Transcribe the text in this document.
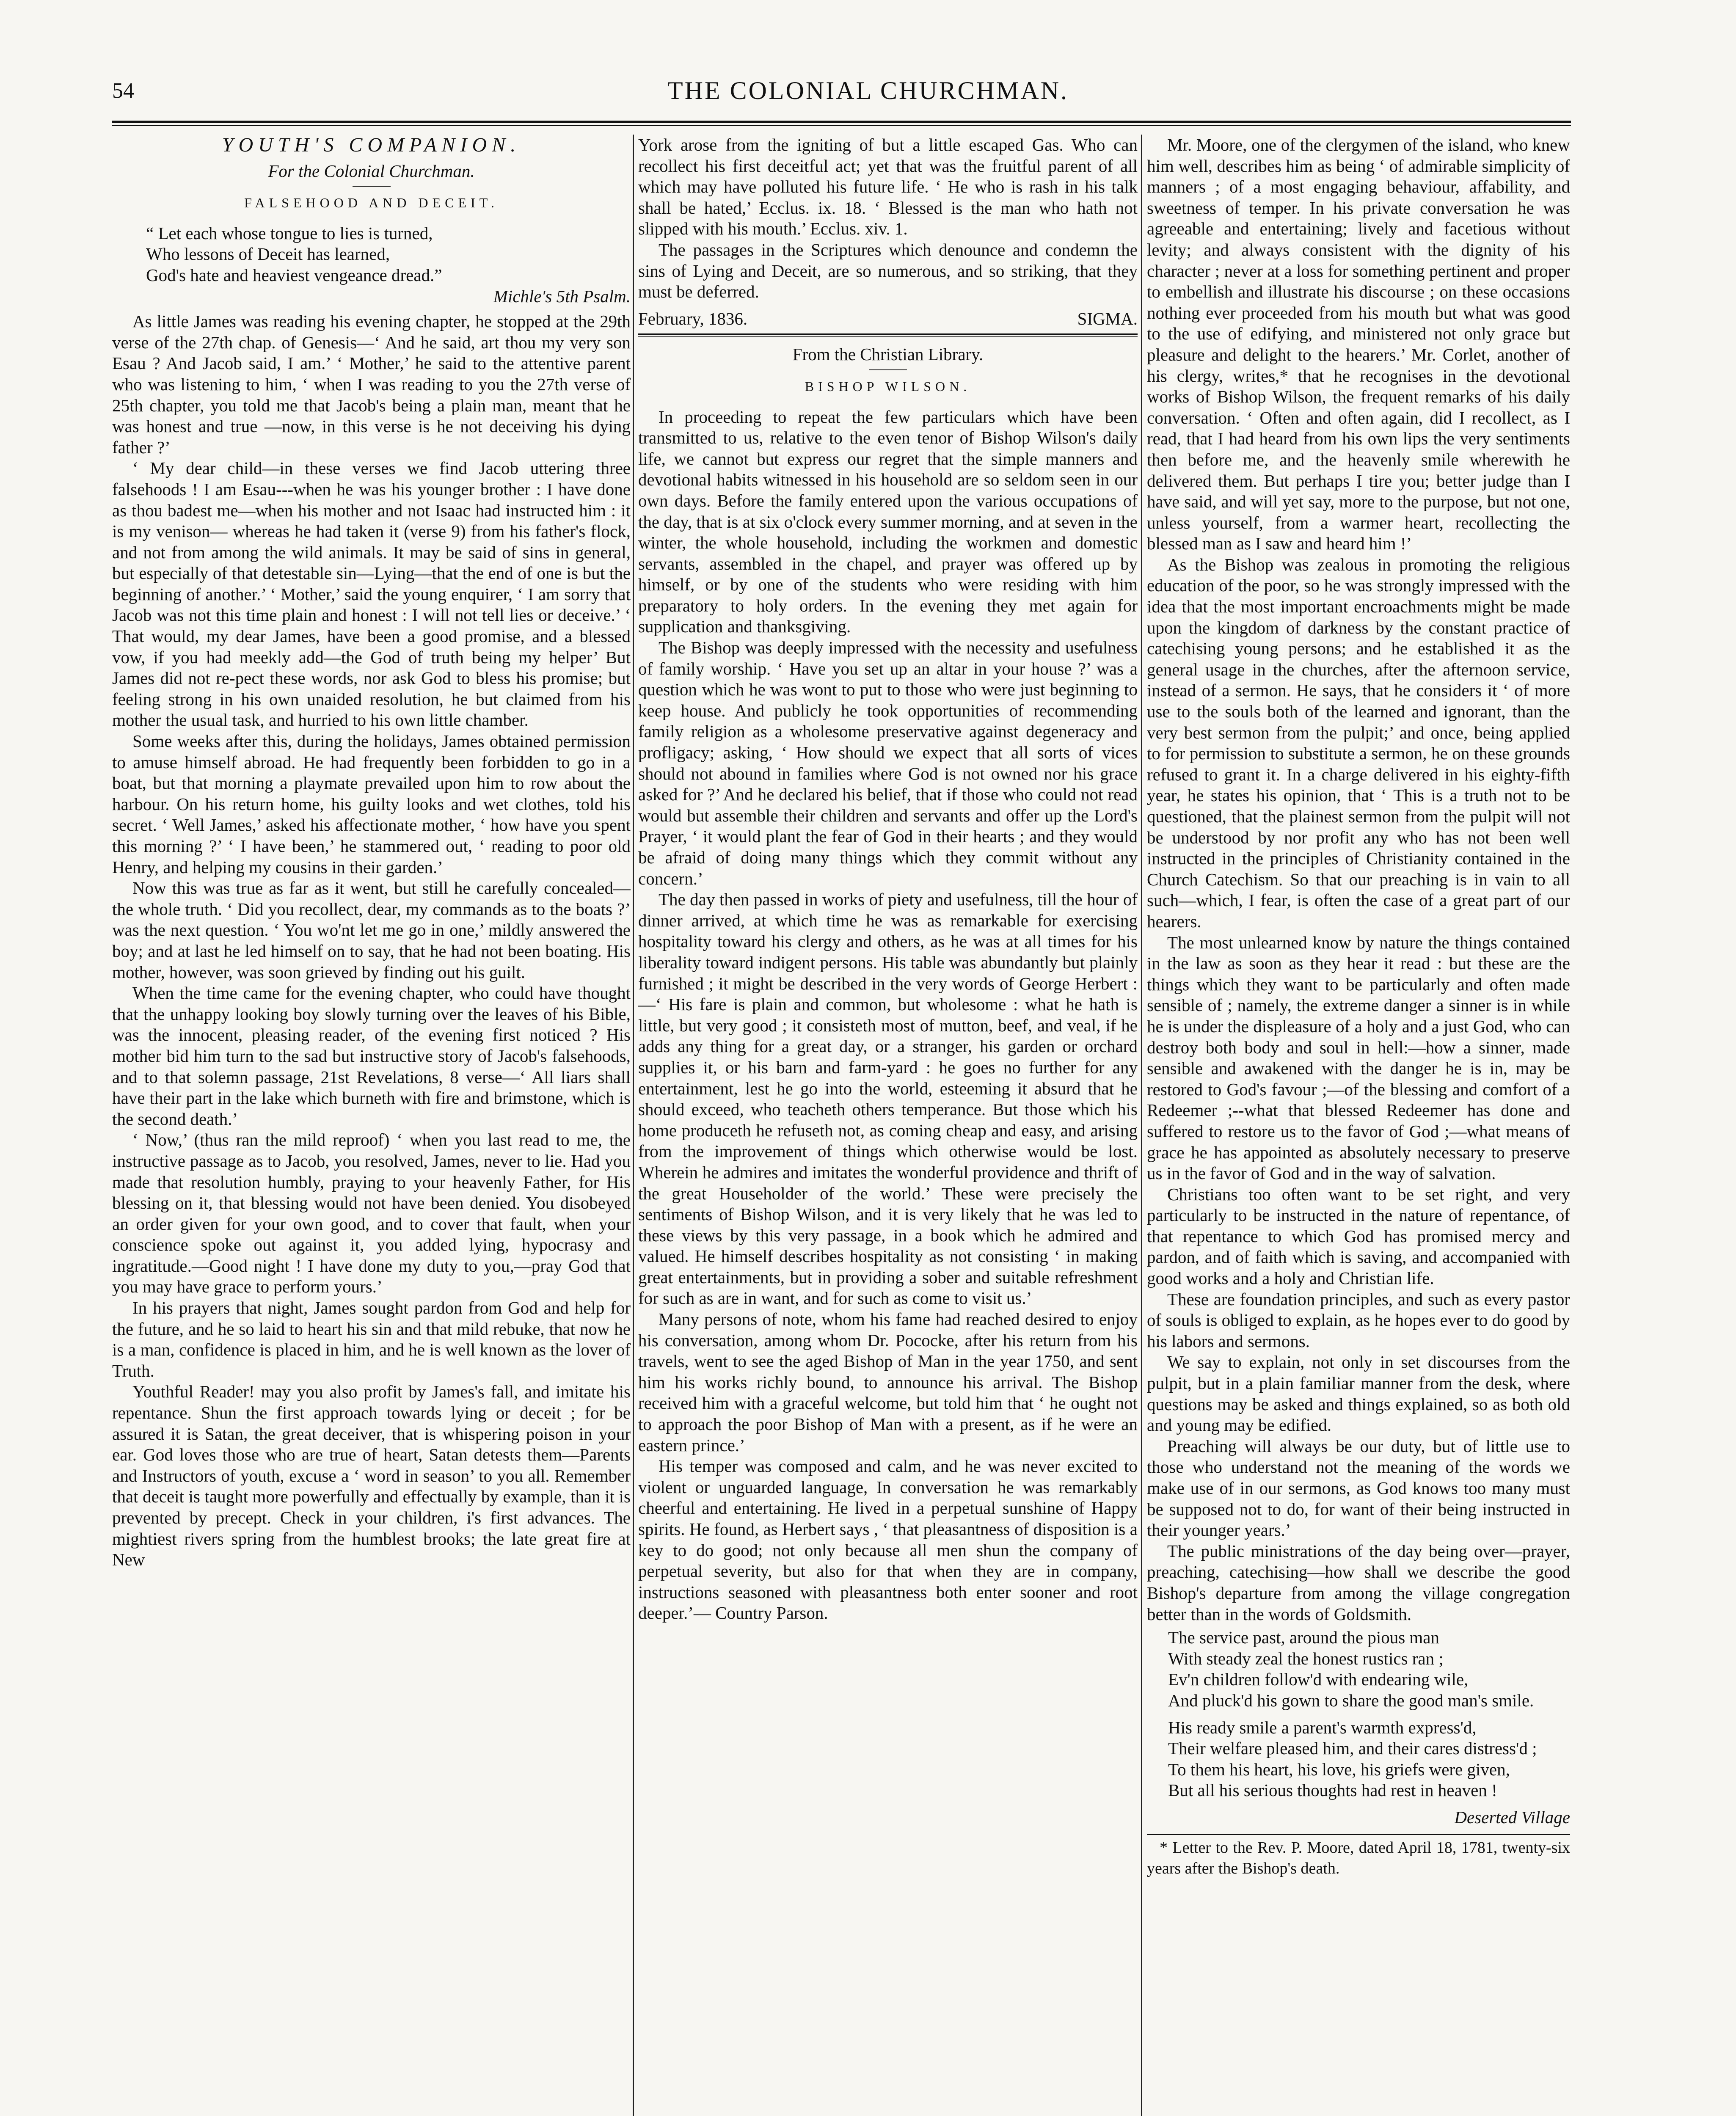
54	THE COLONIAL CHURCHMAN.
YOUTH'S COMPANION.

For the Colonial Churchman.

FALSEHOOD AND DECEIT.

“ Let each whose tongue to lies is turned,
Who lessons of Deceit has learned,
God's hate and heaviest vengeance dread.”
Michle's 5th Psalm.

As little James was reading his evening chapter, he stopped at the 29th verse of the 27th chap. of Genesis—‘ And he said, art thou my very son Esau ? And Jacob said, I am.’ ‘ Mother,’ he said to the attentive parent who was listening to him, ‘ when I was reading to you the 27th verse of 25th chapter, you told me that Jacob's being a plain man, meant that he was honest and true —now, in this verse is he not deceiving his dying father ?’

‘ My dear child—in these verses we find Jacob uttering three falsehoods ! I am Esau---when he was his younger brother : I have done as thou badest me—when his mother and not Isaac had instructed him : it is my venison— whereas he had taken it (verse 9) from his father's flock, and not from among the wild animals. It may be said of sins in general, but especially of that detestable sin—Lying—that the end of one is but the beginning of another.’ ‘ Mother,’ said the young enquirer, ‘ I am sorry that Jacob was not this time plain and honest : I will not tell lies or deceive.’ ‘ That would, my dear James, have been a good promise, and a blessed vow, if you had meekly add—the God of truth being my helper’ But James did not re-pect these words, nor ask God to bless his promise; but feeling strong in his own unaided resolution, he but claimed from his mother the usual task, and hurried to his own little chamber.

Some weeks after this, during the holidays, James obtained permission to amuse himself abroad. He had frequently been forbidden to go in a boat, but that morning a playmate prevailed upon him to row about the harbour. On his return home, his guilty looks and wet clothes, told his secret. ‘ Well James,’ asked his affectionate mother, ‘ how have you spent this morning ?’ ‘ I have been,’ he stammered out, ‘ reading to poor old Henry, and helping my cousins in their garden.’

Now this was true as far as it went, but still he carefully concealed—the whole truth. ‘ Did you recollect, dear, my commands as to the boats ?’ was the next question. ‘ You wo'nt let me go in one,’ mildly answered the boy; and at last he led himself on to say, that he had not been boating. His mother, however, was soon grieved by finding out his guilt.

When the time came for the evening chapter, who could have thought that the unhappy looking boy slowly turning over the leaves of his Bible, was the innocent, pleasing reader, of the evening first noticed ? His mother bid him turn to the sad but instructive story of Jacob's falsehoods, and to that solemn passage, 21st Revelations, 8 verse—‘ All liars shall have their part in the lake which burneth with fire and brimstone, which is the second death.’

‘ Now,’ (thus ran the mild reproof) ‘ when you last read to me, the instructive passage as to Jacob, you resolved, James, never to lie. Had you made that resolution humbly, praying to your heavenly Father, for His blessing on it, that blessing would not have been denied. You disobeyed an order given for your own good, and to cover that fault, when your conscience spoke out against it, you added lying, hypocrasy and ingratitude.—Good night ! I have done my duty to you,—pray God that you may have grace to perform yours.’

In his prayers that night, James sought pardon from God and help for the future, and he so laid to heart his sin and that mild rebuke, that now he is a man, confidence is placed in him, and he is well known as the lover of Truth.

Youthful Reader! may you also profit by James's fall, and imitate his repentance. Shun the first approach towards lying or deceit ; for be assured it is Satan, the great deceiver, that is whispering poison in your ear. God loves those who are true of heart, Satan detests them—Parents and Instructors of youth, excuse a ‘ word in season’ to you all. Remember that deceit is taught more powerfully and effectually by example, than it is prevented by precept. Check in your children, i's first advances. The mightiest rivers spring from the humblest brooks; the late great fire at New

York arose from the igniting of but a little escaped Gas. Who can recollect his first deceitful act; yet that was the fruitful parent of all which may have polluted his future life. ‘ He who is rash in his talk shall be hated,’ Ecclus. ix. 18. ‘ Blessed is the man who hath not slipped with his mouth.’ Ecclus. xiv. 1.

The passages in the Scriptures which denounce and condemn the sins of Lying and Deceit, are so numerous, and so striking, that they must be deferred.

February, 1836.	SIGMA.

From the Christian Library.

BISHOP WILSON.

In proceeding to repeat the few particulars which have been transmitted to us, relative to the even tenor of Bishop Wilson's daily life, we cannot but express our regret that the simple manners and devotional habits witnessed in his household are so seldom seen in our own days. Before the family entered upon the various occupations of the day, that is at six o'clock every summer morning, and at seven in the winter, the whole household, including the workmen and domestic servants, assembled in the chapel, and prayer was offered up by himself, or by one of the students who were residing with him preparatory to holy orders. In the evening they met again for supplication and thanksgiving.

The Bishop was deeply impressed with the necessity and usefulness of family worship. ‘ Have you set up an altar in your house ?’ was a question which he was wont to put to those who were just beginning to keep house. And publicly he took opportunities of recommending family religion as a wholesome preservative against degeneracy and profligacy; asking, ‘ How should we expect that all sorts of vices should not abound in families where God is not owned nor his grace asked for ?’ And he declared his belief, that if those who could not read would but assemble their children and servants and offer up the Lord's Prayer, ‘ it would plant the fear of God in their hearts ; and they would be afraid of doing many things which they commit without any concern.’

The day then passed in works of piety and usefulness, till the hour of dinner arrived, at which time he was as remarkable for exercising hospitality toward his clergy and others, as he was at all times for his liberality toward indigent persons. His table was abundantly but plainly furnished ; it might be described in the very words of George Herbert :—‘ His fare is plain and common, but wholesome : what he hath is little, but very good ; it consisteth most of mutton, beef, and veal, if he adds any thing for a great day, or a stranger, his garden or orchard supplies it, or his barn and farm-yard : he goes no further for any entertainment, lest he go into the world, esteeming it absurd that he should exceed, who teacheth others temperance. But those which his home produceth he refuseth not, as coming cheap and easy, and arising from the improvement of things which otherwise would be lost. Wherein he admires and imitates the wonderful providence and thrift of the great Householder of the world.’ These were precisely the sentiments of Bishop Wilson, and it is very likely that he was led to these views by this very passage, in a book which he admired and valued. He himself describes hospitality as not consisting ‘ in making great entertainments, but in providing a sober and suitable refreshment for such as are in want, and for such as come to visit us.’

Many persons of note, whom his fame had reached desired to enjoy his conversation, among whom Dr. Pococke, after his return from his travels, went to see the aged Bishop of Man in the year 1750, and sent him his works richly bound, to announce his arrival. The Bishop received him with a graceful welcome, but told him that ‘ he ought not to approach the poor Bishop of Man with a present, as if he were an eastern prince.’

His temper was composed and calm, and he was never excited to violent or unguarded language, In conversation he was remarkably cheerful and entertaining. He lived in a perpetual sunshine of Happy spirits. He found, as Herbert says , ‘ that pleasantness of disposition is a key to do good; not only because all men shun the company of perpetual severity, but also for that when they are in company, instructions seasoned with pleasantness both enter sooner and root deeper.’— Country Parson.

Mr. Moore, one of the clergymen of the island, who knew him well, describes him as being ‘ of admirable simplicity of manners ; of a most engaging behaviour, affability, and sweetness of temper. In his private conversation he was agreeable and entertaining; lively and facetious without levity; and always consistent with the dignity of his character ; never at a loss for something pertinent and proper to embellish and illustrate his discourse ; on these occasions nothing ever proceeded from his mouth but what was good to the use of edifying, and ministered not only grace but pleasure and delight to the hearers.’ Mr. Corlet, another of his clergy, writes,* that he recognises in the devotional works of Bishop Wilson, the frequent remarks of his daily conversation. ‘ Often and often again, did I recollect, as I read, that I had heard from his own lips the very sentiments then before me, and the heavenly smile wherewith he delivered them. But perhaps I tire you; better judge than I have said, and will yet say, more to the purpose, but not one, unless yourself, from a warmer heart, recollecting the blessed man as I saw and heard him !’

As the Bishop was zealous in promoting the religious education of the poor, so he was strongly impressed with the idea that the most important encroachments might be made upon the kingdom of darkness by the constant practice of catechising young persons; and he established it as the general usage in the churches, after the afternoon service, instead of a sermon. He says, that he considers it ‘ of more use to the souls both of the learned and ignorant, than the very best sermon from the pulpit;’ and once, being applied to for permission to substitute a sermon, he on these grounds refused to grant it. In a charge delivered in his eighty-fifth year, he states his opinion, that ‘ This is a truth not to be questioned, that the plainest sermon from the pulpit will not be understood by nor profit any who has not been well instructed in the principles of Christianity contained in the Church Catechism. So that our preaching is in vain to all such—which, I fear, is often the case of a great part of our hearers.

The most unlearned know by nature the things contained in the law as soon as they hear it read : but these are the things which they want to be particularly and often made sensible of ; namely, the extreme danger a sinner is in while he is under the displeasure of a holy and a just God, who can destroy both body and soul in hell:—how a sinner, made sensible and awakened with the danger he is in, may be restored to God's favour ;—of the blessing and comfort of a Redeemer ;--what that blessed Redeemer has done and suffered to restore us to the favor of God ;—what means of grace he has appointed as absolutely necessary to preserve us in the favor of God and in the way of salvation.

Christians too often want to be set right, and very particularly to be instructed in the nature of repentance, of that repentance to which God has promised mercy and pardon, and of faith which is saving, and accompanied with good works and a holy and Christian life.

These are foundation principles, and such as every pastor of souls is obliged to explain, as he hopes ever to do good by his labors and sermons.

We say to explain, not only in set discourses from the pulpit, but in a plain familiar manner from the desk, where questions may be asked and things explained, so as both old and young may be edified.

Preaching will always be our duty, but of little use to those who understand not the meaning of the words we make use of in our sermons, as God knows too many must be supposed not to do, for want of their being instructed in their younger years.’

The public ministrations of the day being over—prayer, preaching, catechising—how shall we describe the good Bishop's departure from among the village congregation better than in the words of Goldsmith.

The service past, around the pious man
With steady zeal the honest rustics ran ;
Ev'n children follow'd with endearing wile,
And pluck'd his gown to share the good man's smile.
His ready smile a parent's warmth express'd,
Their welfare pleased him, and their cares distress'd ;
To them his heart, his love, his griefs were given,
But all his serious thoughts had rest in heaven !
Deserted Village

* Letter to the Rev. P. Moore, dated April 18, 1781, twenty-six years after the Bishop's death.
